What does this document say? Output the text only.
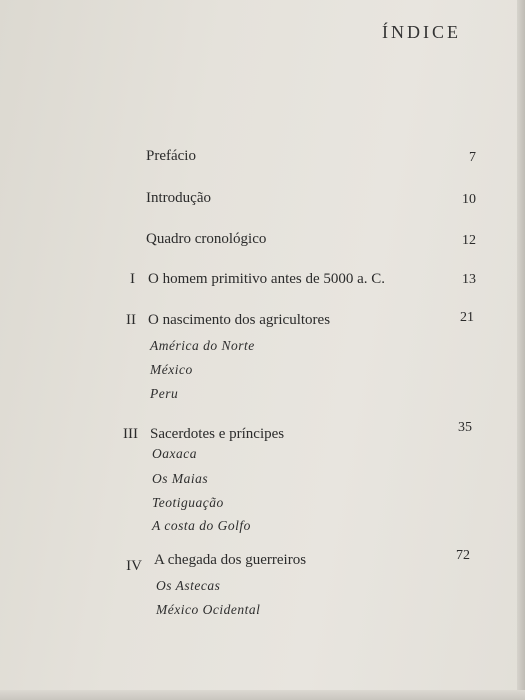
ÍNDICE
Prefácio	7
Introdução	10
Quadro cronológico	12
I O homem primitivo antes de 5000 a. C.	13
II O nascimento dos agricultores	21
América do Norte
México
Peru
III Sacerdotes e príncipes	35
Oaxaca
Os Maias
Teotiguação
A costa do Golfo
IV A chegada dos guerreiros	72
Os Astecas
México Ocidental
